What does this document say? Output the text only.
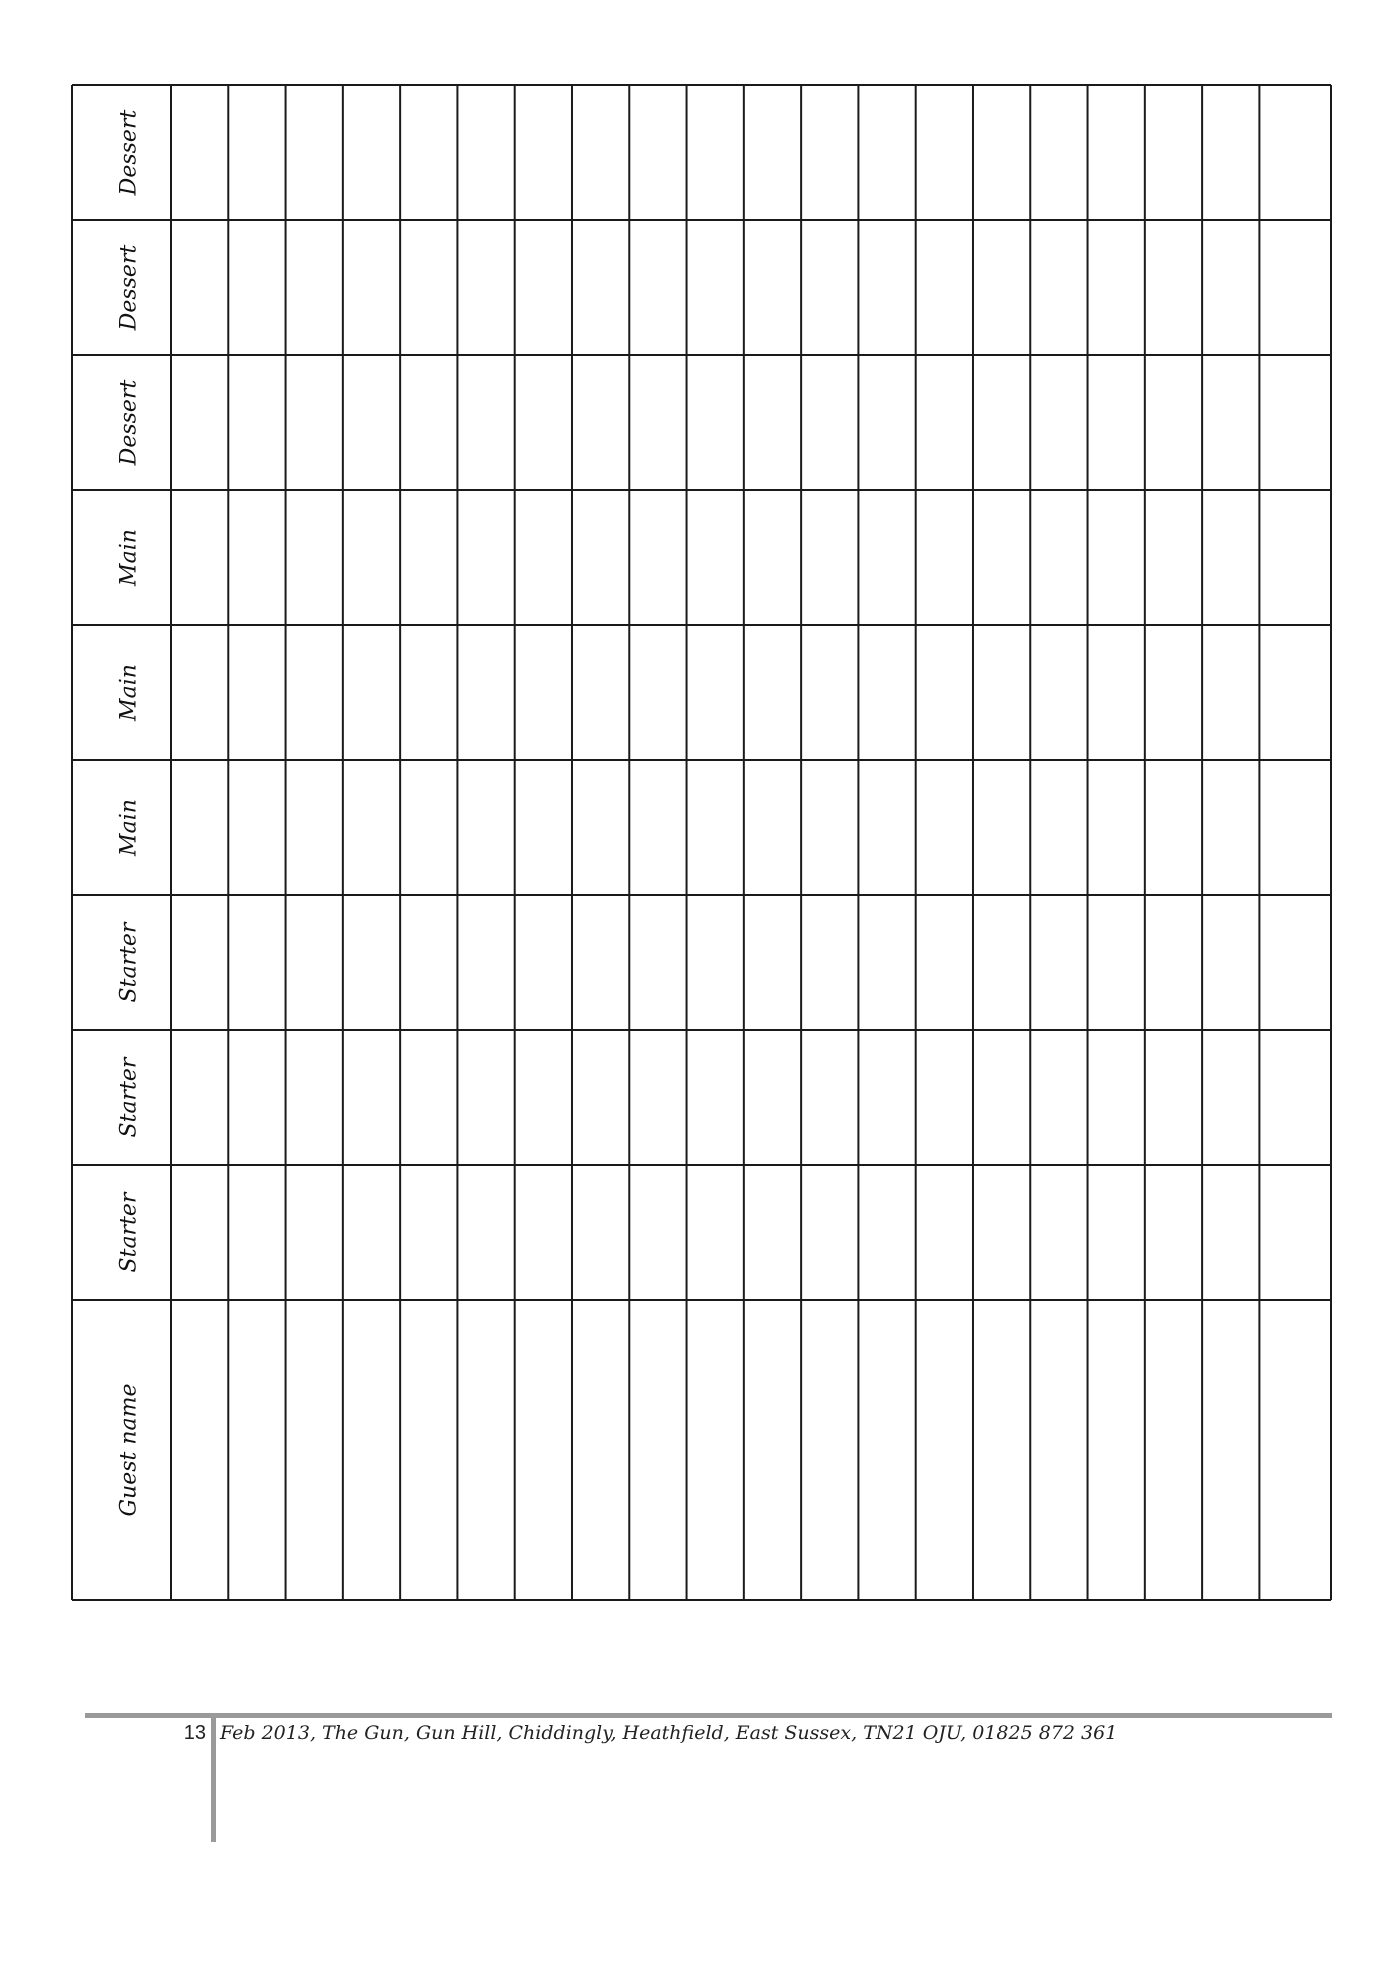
Guest name
Starter
Starter
Starter
Main
Main
Main
Dessert
Dessert
Dessert
13 Feb 2013, The Gun, Gun Hill, Chiddingly, Heathfield, East Sussex, TN21 OJU, 01825 872 361
